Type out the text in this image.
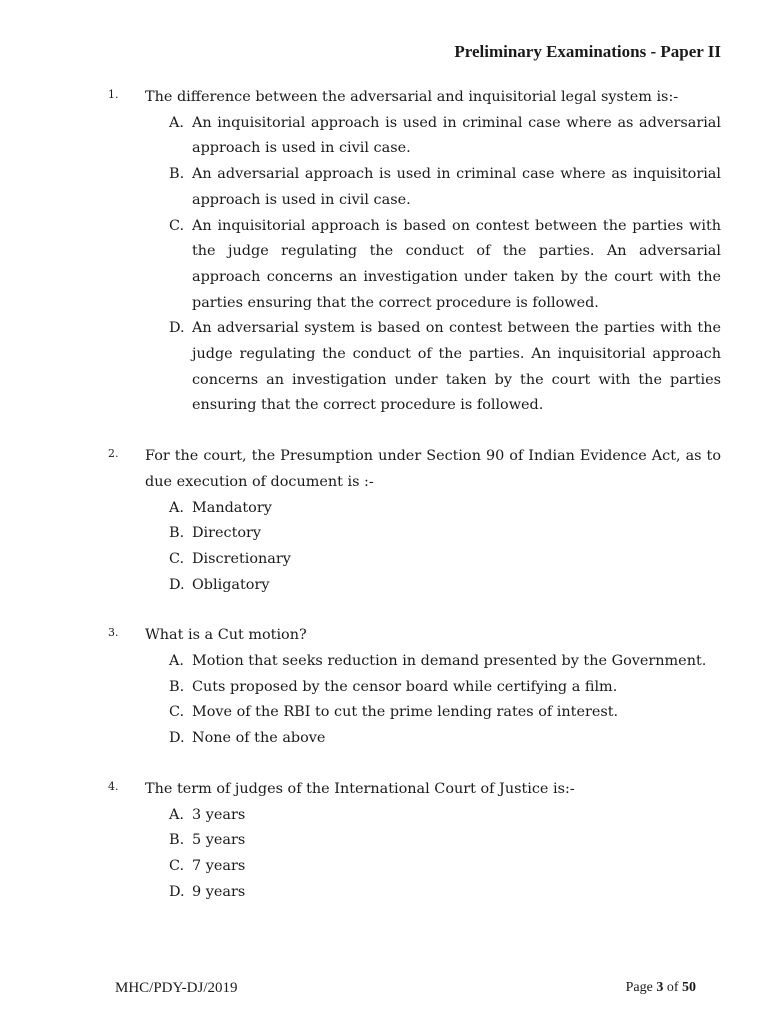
Preliminary Examinations - Paper II
1.	The difference between the adversarial and inquisitorial legal system is:-
A. An inquisitorial approach is used in criminal case where as adversarial approach is used in civil case.
B. An adversarial approach is used in criminal case where as inquisitorial approach is used in civil case.
C. An inquisitorial approach is based on contest between the parties with the judge regulating the conduct of the parties. An adversarial approach concerns an investigation under taken by the court with the parties ensuring that the correct procedure is followed.
D. An adversarial system is based on contest between the parties with the judge regulating the conduct of the parties. An inquisitorial approach concerns an investigation under taken by the court with the parties ensuring that the correct procedure is followed.
2.	For the court, the Presumption under Section 90 of Indian Evidence Act, as to due execution of document is :-
A. Mandatory
B. Directory
C. Discretionary
D. Obligatory
3.	What is a Cut motion?
A. Motion that seeks reduction in demand presented by the Government.
B. Cuts proposed by the censor board while certifying a film.
C. Move of the RBI to cut the prime lending rates of interest.
D. None of the above
4.	The term of judges of the International Court of Justice is:-
A. 3 years
B. 5 years
C. 7 years
D. 9 years
MHC/PDY-DJ/2019	Page 3 of 50
